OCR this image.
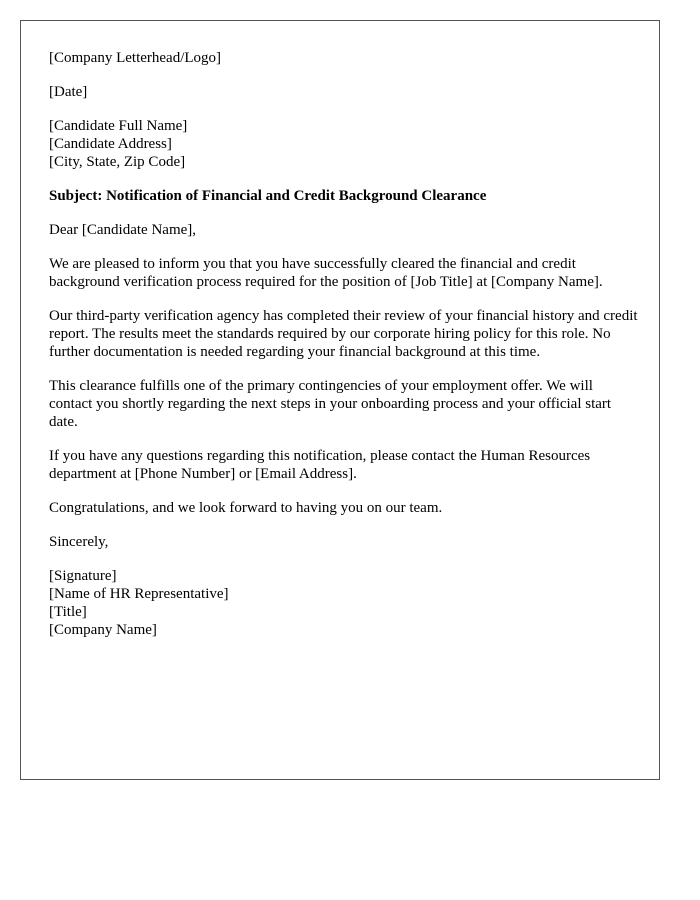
[Company Letterhead/Logo]

[Date]

[Candidate Full Name]
[Candidate Address]
[City, State, Zip Code]

Subject: Notification of Financial and Credit Background Clearance

Dear [Candidate Name],

We are pleased to inform you that you have successfully cleared the financial and credit background verification process required for the position of [Job Title] at [Company Name].

Our third-party verification agency has completed their review of your financial history and credit report. The results meet the standards required by our corporate hiring policy for this role. No further documentation is needed regarding your financial background at this time.

This clearance fulfills one of the primary contingencies of your employment offer. We will contact you shortly regarding the next steps in your onboarding process and your official start date.

If you have any questions regarding this notification, please contact the Human Resources department at [Phone Number] or [Email Address].

Congratulations, and we look forward to having you on our team.

Sincerely,

[Signature]
[Name of HR Representative]
[Title]
[Company Name]
